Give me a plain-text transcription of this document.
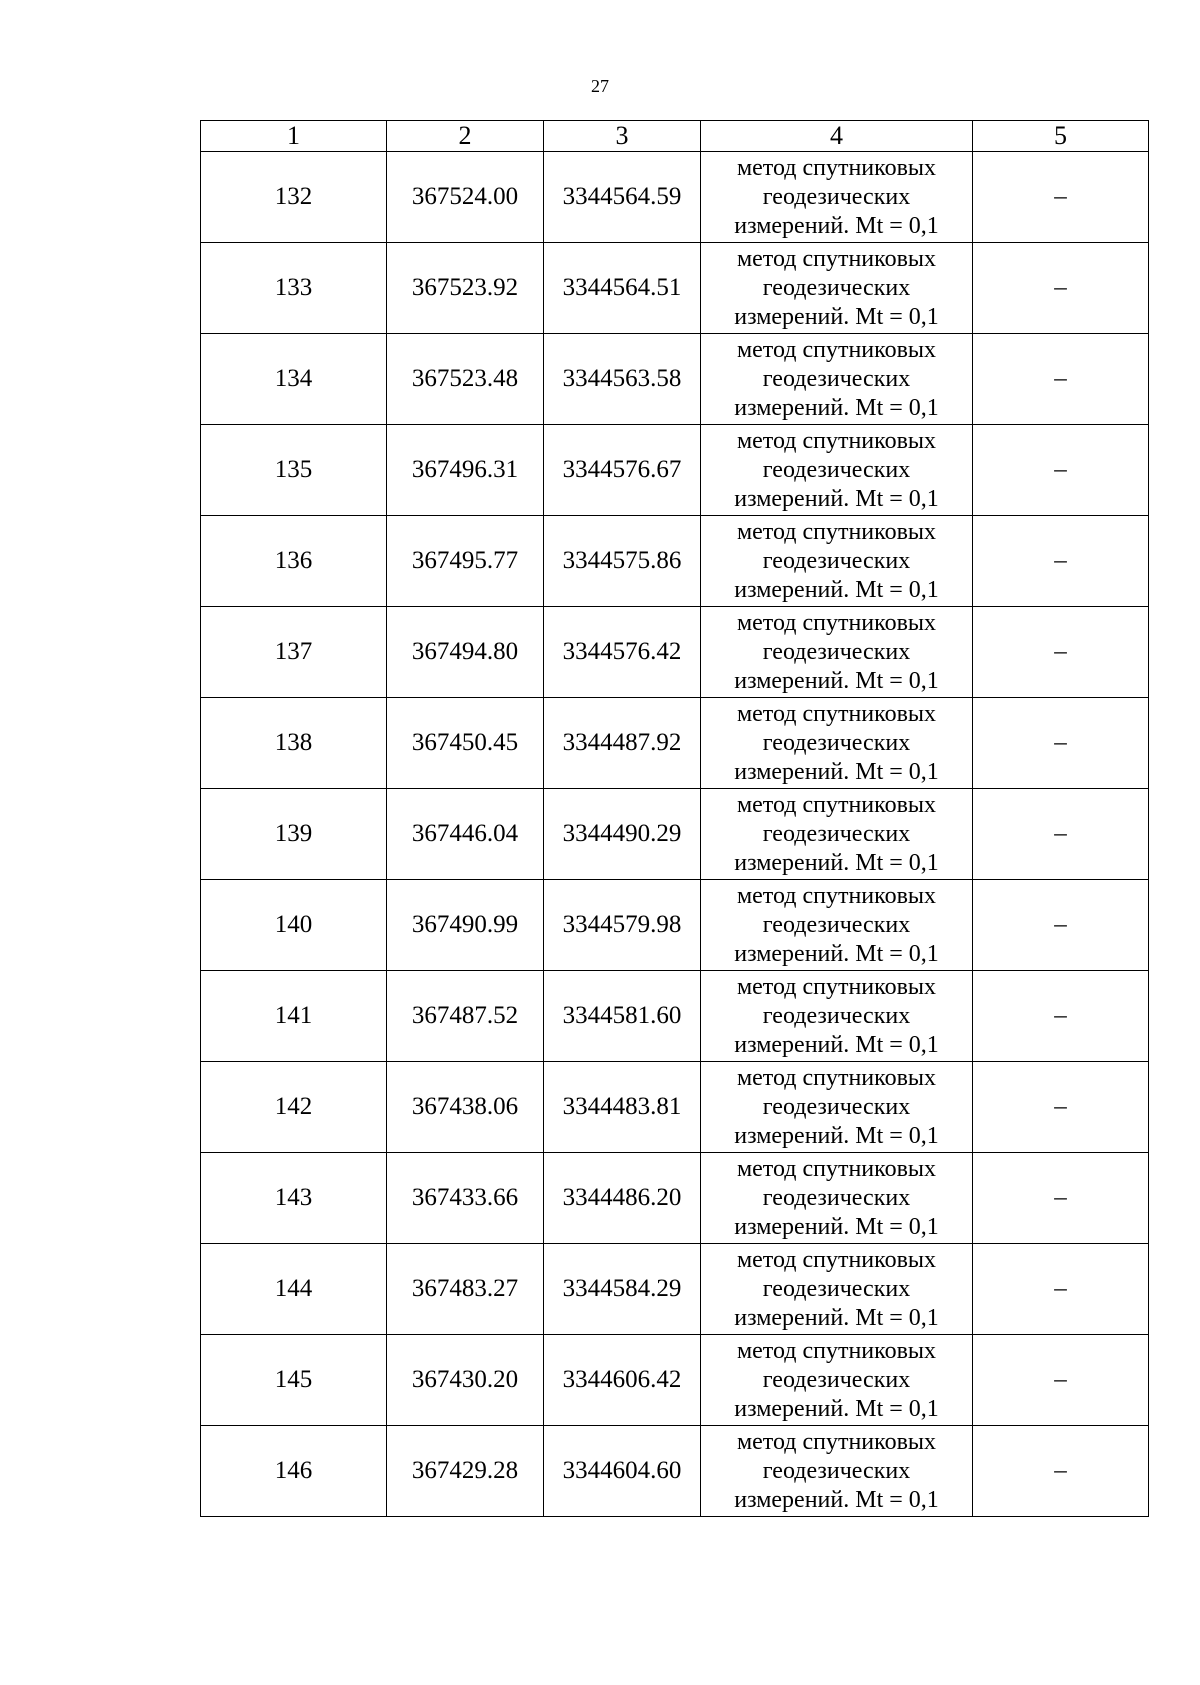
27
1	2	3	4	5
132	367524.00	3344564.59	метод спутниковых
геодезических
измерений. Mt = 0,1	–
133	367523.92	3344564.51	метод спутниковых
геодезических
измерений. Mt = 0,1	–
134	367523.48	3344563.58	метод спутниковых
геодезических
измерений. Mt = 0,1	–
135	367496.31	3344576.67	метод спутниковых
геодезических
измерений. Mt = 0,1	–
136	367495.77	3344575.86	метод спутниковых
геодезических
измерений. Mt = 0,1	–
137	367494.80	3344576.42	метод спутниковых
геодезических
измерений. Mt = 0,1	–
138	367450.45	3344487.92	метод спутниковых
геодезических
измерений. Mt = 0,1	–
139	367446.04	3344490.29	метод спутниковых
геодезических
измерений. Mt = 0,1	–
140	367490.99	3344579.98	метод спутниковых
геодезических
измерений. Mt = 0,1	–
141	367487.52	3344581.60	метод спутниковых
геодезических
измерений. Mt = 0,1	–
142	367438.06	3344483.81	метод спутниковых
геодезических
измерений. Mt = 0,1	–
143	367433.66	3344486.20	метод спутниковых
геодезических
измерений. Mt = 0,1	–
144	367483.27	3344584.29	метод спутниковых
геодезических
измерений. Mt = 0,1	–
145	367430.20	3344606.42	метод спутниковых
геодезических
измерений. Mt = 0,1	–
146	367429.28	3344604.60	метод спутниковых
геодезических
измерений. Mt = 0,1	–
